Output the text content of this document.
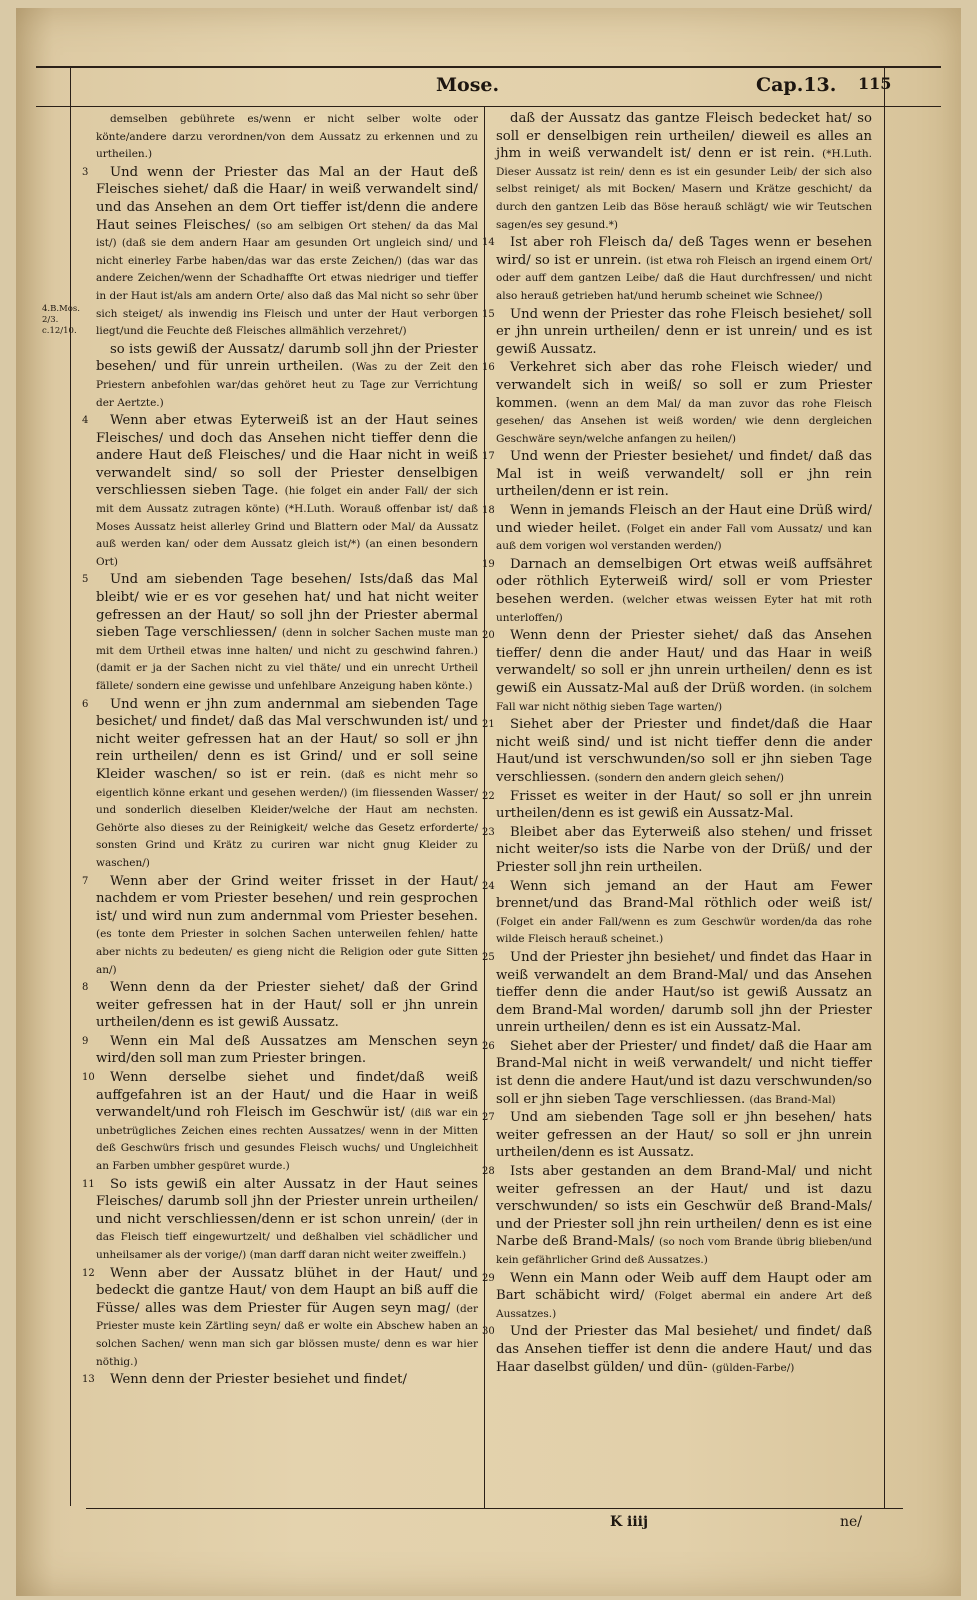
Mose.	Cap.13. 115
4.B.Mos. 2/3. c.12/10.

demselben gebührete es/wenn er nicht selber wolte oder könte/andere darzu verordnen/von dem Aussatz zu erkennen und zu urtheilen.)

3 Und wenn der Priester das Mal an der Haut deß Fleisches siehet/ daß die Haar/ in weiß verwandelt sind/ und das Ansehen an dem Ort tieffer ist/denn die andere Haut seines Fleisches/ (so am selbigen Ort stehen/ da das Mal ist/) (daß sie dem andern Haar am gesunden Ort ungleich sind/ und nicht einerley Farbe haben/das war das erste Zeichen/) (das war das andere Zeichen/wenn der Schadhaffte Ort etwas niedriger und tieffer in der Haut ist/als am andern Orte/ also daß das Mal nicht so sehr über sich steiget/ als inwendig ins Fleisch und unter der Haut verborgen liegt/und die Feuchte deß Fleisches allmählich verzehret/)

so ists gewiß der Aussatz/ darumb soll jhn der Priester besehen/ und für unrein urtheilen. (Was zu der Zeit den Priestern anbefohlen war/das gehöret heut zu Tage zur Verrichtung der Aertzte.)

4 Wenn aber etwas Eyterweiß ist an der Haut seines Fleisches/ und doch das Ansehen nicht tieffer denn die andere Haut deß Fleisches/ und die Haar nicht in weiß verwandelt sind/ so soll der Priester denselbigen verschliessen sieben Tage. (hie folget ein ander Fall/ der sich mit dem Aussatz zutragen könte) (*H.Luth. Worauß offenbar ist/ daß Moses Aussatz heist allerley Grind und Blattern oder Mal/ da Aussatz auß werden kan/ oder dem Aussatz gleich ist/*) (an einen besondern Ort)

5 Und am siebenden Tage besehen/ Ists/daß das Mal bleibt/ wie er es vor gesehen hat/ und hat nicht weiter gefressen an der Haut/ so soll jhn der Priester abermal sieben Tage verschliessen/ (denn in solcher Sachen muste man mit dem Urtheil etwas inne halten/ und nicht zu geschwind fahren.) (damit er ja der Sachen nicht zu viel thäte/ und ein unrecht Urtheil fällete/ sondern eine gewisse und unfehlbare Anzeigung haben könte.)

6 Und wenn er jhn zum andernmal am siebenden Tage besichet/ und findet/ daß das Mal verschwunden ist/ und nicht weiter gefressen hat an der Haut/ so soll er jhn rein urtheilen/ denn es ist Grind/ und er soll seine Kleider waschen/ so ist er rein. (daß es nicht mehr so eigentlich könne erkant und gesehen werden/) (im fliessenden Wasser/ und sonderlich dieselben Kleider/welche der Haut am nechsten. Gehörte also dieses zu der Reinigkeit/ welche das Gesetz erforderte/ sonsten Grind und Krätz zu curiren war nicht gnug Kleider zu waschen/)

7 Wenn aber der Grind weiter frisset in der Haut/ nachdem er vom Priester besehen/ und rein gesprochen ist/ und wird nun zum andernmal vom Priester besehen. (es tonte dem Priester in solchen Sachen unterweilen fehlen/ hatte aber nichts zu bedeuten/ es gieng nicht die Religion oder gute Sitten an/)

8 Wenn denn da der Priester siehet/ daß der Grind weiter gefressen hat in der Haut/ soll er jhn unrein urtheilen/denn es ist gewiß Aussatz.

9 Wenn ein Mal deß Aussatzes am Menschen seyn wird/den soll man zum Priester bringen.

10 Wenn derselbe siehet und findet/daß weiß auffgefahren ist an der Haut/ und die Haar in weiß verwandelt/und roh Fleisch im Geschwür ist/ (diß war ein unbetrügliches Zeichen eines rechten Aussatzes/ wenn in der Mitten deß Geschwürs frisch und gesundes Fleisch wuchs/ und Ungleichheit an Farben umbher gespüret wurde.)

11 So ists gewiß ein alter Aussatz in der Haut seines Fleisches/ darumb soll jhn der Priester unrein urtheilen/ und nicht verschliessen/denn er ist schon unrein/ (der in das Fleisch tieff eingewurtzelt/ und deßhalben viel schädlicher und unheilsamer als der vorige/) (man darff daran nicht weiter zweiffeln.)

12 Wenn aber der Aussatz blühet in der Haut/ und bedeckt die gantze Haut/ von dem Haupt an biß auff die Füsse/ alles was dem Priester für Augen seyn mag/ (der Priester muste kein Zärtling seyn/ daß er wolte ein Abschew haben an solchen Sachen/ wenn man sich gar blössen muste/ denn es war hier nöthig.)

13 Wenn denn der Priester besiehet und findet/

daß der Aussatz das gantze Fleisch bedecket hat/ so soll er denselbigen rein urtheilen/ dieweil es alles an jhm in weiß verwandelt ist/ denn er ist rein. (*H.Luth. Dieser Aussatz ist rein/ denn es ist ein gesunder Leib/ der sich also selbst reiniget/ als mit Bocken/ Masern und Krätze geschicht/ da durch den gantzen Leib das Böse herauß schlägt/ wie wir Teutschen sagen/es sey gesund.*)

14 Ist aber roh Fleisch da/ deß Tages wenn er besehen wird/ so ist er unrein. (ist etwa roh Fleisch an irgend einem Ort/ oder auff dem gantzen Leibe/ daß die Haut durchfressen/ und nicht also herauß getrieben hat/und herumb scheinet wie Schnee/)

15 Und wenn der Priester das rohe Fleisch besiehet/ soll er jhn unrein urtheilen/ denn er ist unrein/ und es ist gewiß Aussatz.

16 Verkehret sich aber das rohe Fleisch wieder/ und verwandelt sich in weiß/ so soll er zum Priester kommen. (wenn an dem Mal/ da man zuvor das rohe Fleisch gesehen/ das Ansehen ist weiß worden/ wie denn dergleichen Geschwäre seyn/welche anfangen zu heilen/)

17 Und wenn der Priester besiehet/ und findet/ daß das Mal ist in weiß verwandelt/ soll er jhn rein urtheilen/denn er ist rein.

18 Wenn in jemands Fleisch an der Haut eine Drüß wird/ und wieder heilet. (Folget ein ander Fall vom Aussatz/ und kan auß dem vorigen wol verstanden werden/)

19 Darnach an demselbigen Ort etwas weiß auffsähret oder röthlich Eyterweiß wird/ soll er vom Priester besehen werden. (welcher etwas weissen Eyter hat mit roth unterloffen/)

20 Wenn denn der Priester siehet/ daß das Ansehen tieffer/ denn die ander Haut/ und das Haar in weiß verwandelt/ so soll er jhn unrein urtheilen/ denn es ist gewiß ein Aussatz-Mal auß der Drüß worden. (in solchem Fall war nicht nöthig sieben Tage warten/)

21 Siehet aber der Priester und findet/daß die Haar nicht weiß sind/ und ist nicht tieffer denn die ander Haut/und ist verschwunden/so soll er jhn sieben Tage verschliessen. (sondern den andern gleich sehen/)

22 Frisset es weiter in der Haut/ so soll er jhn unrein urtheilen/denn es ist gewiß ein Aussatz-Mal.

23 Bleibet aber das Eyterweiß also stehen/ und frisset nicht weiter/so ists die Narbe von der Drüß/ und der Priester soll jhn rein urtheilen.

24 Wenn sich jemand an der Haut am Fewer brennet/und das Brand-Mal röthlich oder weiß ist/ (Folget ein ander Fall/wenn es zum Geschwür worden/da das rohe wilde Fleisch herauß scheinet.)

25 Und der Priester jhn besiehet/ und findet das Haar in weiß verwandelt an dem Brand-Mal/ und das Ansehen tieffer denn die ander Haut/so ist gewiß Aussatz an dem Brand-Mal worden/ darumb soll jhn der Priester unrein urtheilen/ denn es ist ein Aussatz-Mal.

26 Siehet aber der Priester/ und findet/ daß die Haar am Brand-Mal nicht in weiß verwandelt/ und nicht tieffer ist denn die andere Haut/und ist dazu verschwunden/so soll er jhn sieben Tage verschliessen. (das Brand-Mal)

27 Und am siebenden Tage soll er jhn besehen/ hats weiter gefressen an der Haut/ so soll er jhn unrein urtheilen/denn es ist Aussatz.

28 Ists aber gestanden an dem Brand-Mal/ und nicht weiter gefressen an der Haut/ und ist dazu verschwunden/ so ists ein Geschwür deß Brand-Mals/ und der Priester soll jhn rein urtheilen/ denn es ist eine Narbe deß Brand-Mals/ (so noch vom Brande übrig blieben/und kein gefährlicher Grind deß Aussatzes.)

29 Wenn ein Mann oder Weib auff dem Haupt oder am Bart schäbicht wird/ (Folget abermal ein andere Art deß Aussatzes.)

30 Und der Priester das Mal besiehet/ und findet/ daß das Ansehen tieffer ist denn die andere Haut/ und das Haar daselbst gülden/ und dün- (gülden-Farbe/)

K iiij	ne/
